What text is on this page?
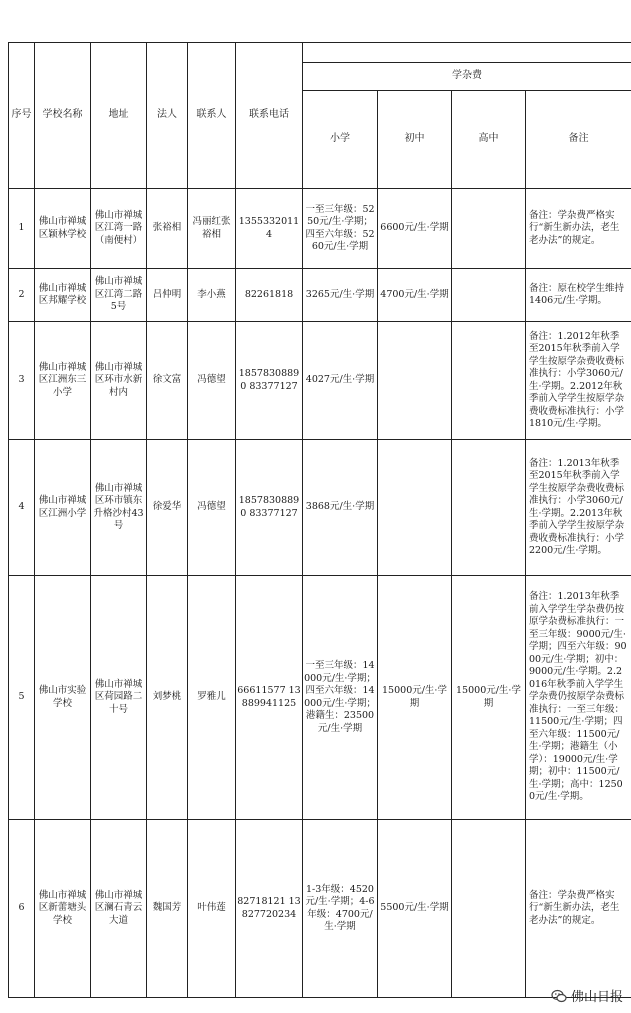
序号	学校名称	地址	法人	联系人	联系电话				
						学杂费			
						小学	初中	高中	备注
1	佛山市禅城区颖林学校	佛山市禅城区江湾一路（南便村）	张裕相	冯丽红张裕相	13553320114	一至三年级：5250元/生·学期；四至六年级：5260元/生·学期	6600元/生·学期		备注：学杂费严格实行“新生新办法，老生老办法”的规定。
2	佛山市禅城区邦耀学校	佛山市禅城区江湾二路5号	吕仲明	李小燕	82261818	3265元/生·学期	4700元/生·学期		备注：原在校学生维持1406元/生·学期。
3	佛山市禅城区江洲东三小学	佛山市禅城区环市水新村内	徐文富	冯德望	18578308890 83377127	4027元/生·学期			备注：1.2012年秋季至2015年秋季前入学学生按原学杂费收费标准执行：小学3060元/生·学期。2.2012年秋季前入学学生按原学杂费收费标准执行：小学1810元/生·学期。
4	佛山市禅城区江洲小学	佛山市禅城区环市镇东升格沙村43号	徐爱华	冯德望	18578308890 83377127	3868元/生·学期			备注：1.2013年秋季至2015年秋季前入学学生按原学杂费收费标准执行：小学3060元/生·学期。2.2013年秋季前入学学生按原学杂费收费标准执行：小学2200元/生·学期。
5	佛山市实验学校	佛山市禅城区荷园路二十号	刘梦桃	罗雅儿	66611577 13889941125	一至三年级：14000元/生·学期；四至六年级：14000元/生·学期；港籍生：23500元/生·学期	15000元/生·学期	15000元/生·学期	备注：1.2013年秋季前入学学生学杂费仍按原学杂费标准执行：一至三年级：9000元/生·学期；四至六年级：9000元/生·学期；初中：9000元/生·学期。2.2016年秋季前入学学生学杂费仍按原学杂费标准执行：一至三年级：11500元/生·学期；四至六年级：11500元/生·学期；港籍生（小学）：19000元/生·学期；初中：11500元/生·学期；高中：12500元/生·学期。
6	佛山市禅城区新蕾塘头学校	佛山市禅城区澜石青云大道	魏国芳	叶伟莲	82718121 13827720234	1-3年级：4520元/生·学期；4-6年级：4700元/生·学期	5500元/生·学期		备注：学杂费严格实行“新生新办法，老生老办法”的规定。
佛山日报
